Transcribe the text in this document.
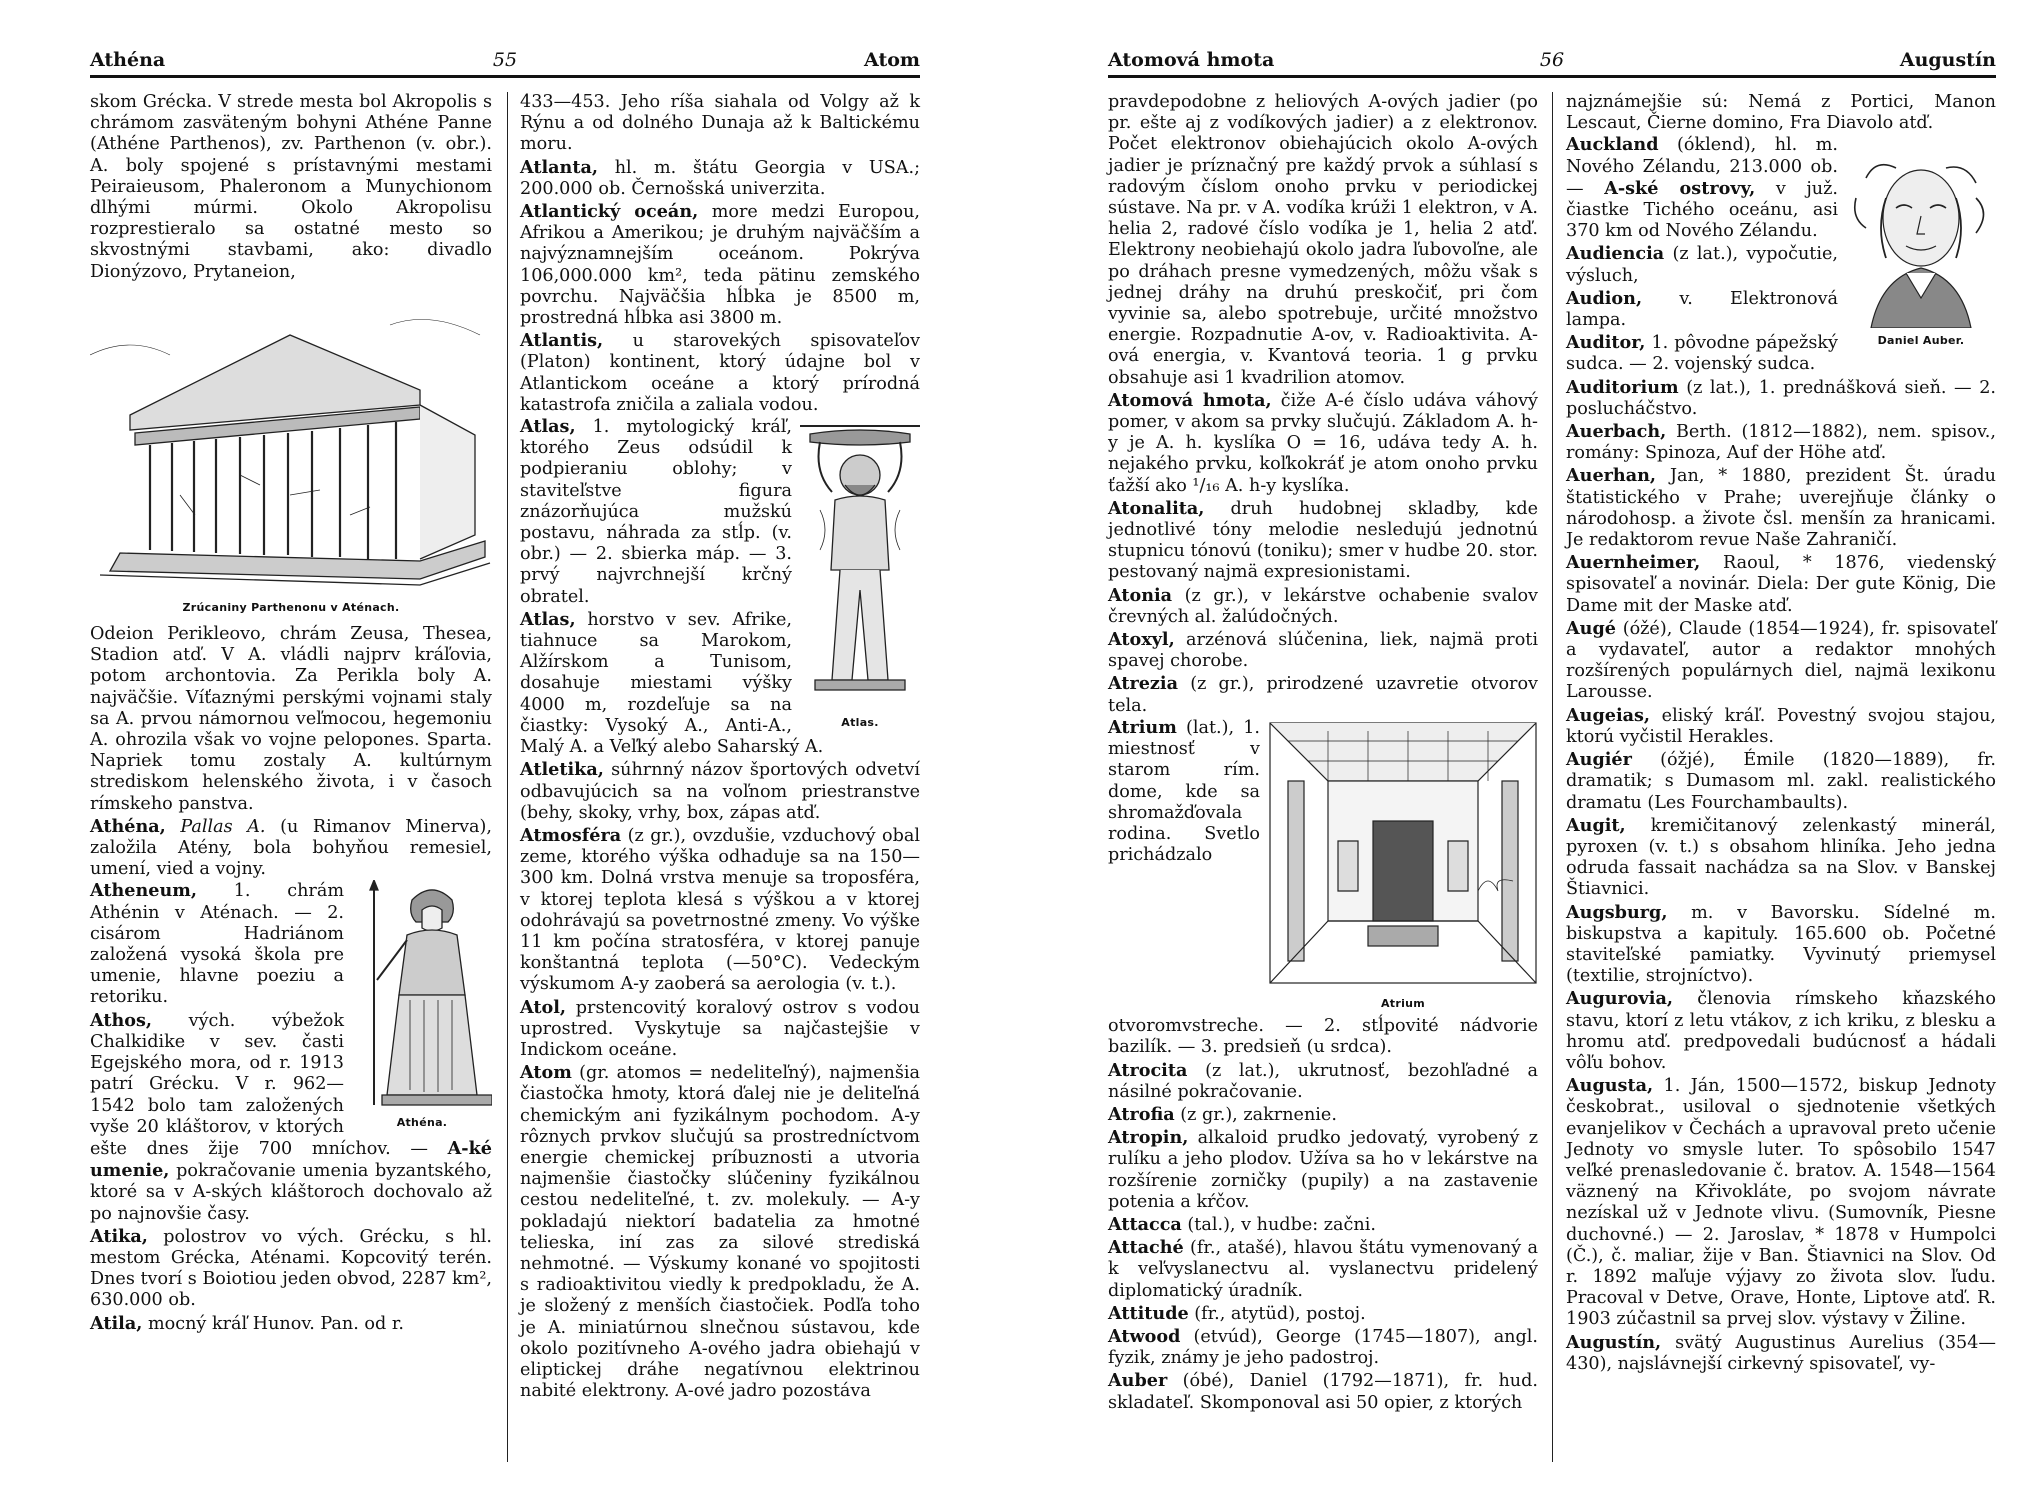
Athéna	55	Atom

skom Grécka. V strede mesta bol Akropolis s chrámom zasväteným bohyni Athéne Panne (Athéne Parthenos), zv. Parthenon (v. obr.). A. boly spojené s prístavnými mestami Peiraieusom, Phaleronom a Munychionom dlhými múrmi. Okolo Akropolisu rozprestieralo sa ostatné mesto so skvostnými stavbami, ako: divadlo Dionýzovo, Prytaneion,

Zrúcaniny Parthenonu v Aténach.

Odeion Perikleovo, chrám Zeusa, Thesea, Stadion atď. V A. vládli najprv kráľovia, potom archontovia. Za Perikla boly A. najväčšie. Víťaznými perskými vojnami staly sa A. prvou námornou veľmocou, hegemoniu A. ohrozila však vo vojne pelopones. Sparta. Napriek tomu zostaly A. kultúrnym strediskom helenského života, i v časoch rímskeho panstva.

Athéna, Pallas A. (u Rimanov Minerva), založila Atény, bola bohyňou remesiel, umení, vied a vojny.

Athéna.

Atheneum, 1. chrám Athénin v Aténach. — 2. cisárom Hadriánom založená vysoká škola pre umenie, hlavne poeziu a retoriku.

Athos, vých. výbežok Chalkidike v sev. časti Egejského mora, od r. 1913 patrí Grécku. V r. 962—1542 bolo tam založených vyše 20 kláštorov, v ktorých ešte dnes žije 700 mníchov. — A-ké umenie, pokračovanie umenia byzantského, ktoré sa v A-ských kláštoroch dochovalo až po najnovšie časy.

Atika, polostrov vo vých. Grécku, s hl. mestom Grécka, Aténami. Kopcovitý terén. Dnes tvorí s Boiotiou jeden obvod, 2287 km², 630.000 ob.

Atila, mocný kráľ Hunov. Pan. od r.

433—453. Jeho ríša siahala od Volgy až k Rýnu a od dolného Dunaja až k Baltickému moru.

Atlanta, hl. m. štátu Georgia v USA.; 200.000 ob. Černošská univerzita.

Atlantický oceán, more medzi Europou, Afrikou a Amerikou; je druhým najväčším a najvýznamnejším oceánom. Pokrýva 106,000.000 km², teda pätinu zemského povrchu. Najväčšia hĺbka je 8500 m, prostredná hĺbka asi 3800 m.

Atlantis, u starovekých spisovateľov (Platon) kontinent, ktorý údajne bol v Atlantickom oceáne a ktorý prírodná katastrofa zničila a zaliala vodou.

Atlas.

Atlas, 1. mytologický kráľ, ktorého Zeus odsúdil k podpieraniu oblohy; v staviteľstve figura znázorňujúca mužskú postavu, náhrada za stĺp. (v. obr.) — 2. sbierka máp. — 3. prvý najvrchnejší krčný obratel.

Atlas, horstvo v sev. Afrike, tiahnuce sa Marokom, Alžírskom a Tunisom, dosahuje miestami výšky 4000 m, rozdeľuje sa na čiastky: Vysoký A., Anti-A., Malý A. a Veľký alebo Saharský A.

Atletika, súhrnný názov športových odvetví odbavujúcich sa na voľnom priestranstve (behy, skoky, vrhy, box, zápas atď.

Atmosféra (z gr.), ovzdušie, vzduchový obal zeme, ktorého výška odhaduje sa na 150—300 km. Dolná vrstva menuje sa troposféra, v ktorej teplota klesá s výškou a v ktorej odohrávajú sa povetrnostné zmeny. Vo výške 11 km počína stratosféra, v ktorej panuje konštantná teplota (—50°C). Vedeckým výskumom A-y zaoberá sa aerologia (v. t.).

Atol, prstencovitý koralový ostrov s vodou uprostred. Vyskytuje sa najčastejšie v Indickom oceáne.

Atom (gr. atomos = nedeliteľný), najmenšia čiastočka hmoty, ktorá ďalej nie je deliteľná chemickým ani fyzikálnym pochodom. A-y rôznych prvkov slučujú sa prostredníctvom energie chemickej príbuznosti a utvoria najmenšie čiastočky slúčeniny fyzikálnou cestou nedeliteľné, t. zv. molekuly. — A-y pokladajú niektorí badatelia za hmotné telieska, iní zas za silové strediská nehmotné. — Výskumy konané vo spojitosti s radioaktivitou viedly k predpokladu, že A. je složený z menších čiastočiek. Podľa toho je A. miniatúrnou slnečnou sústavou, kde okolo pozitívneho A-ového jadra obiehajú v eliptickej dráhe negatívnou elektrinou nabité elektrony. A-ové jadro pozostáva

Atomová hmota	56	Augustín

pravdepodobne z heliových A-ových jadier (po pr. ešte aj z vodíkových jadier) a z elektronov. Počet elektronov obiehajúcich okolo A-ových jadier je príznačný pre každý prvok a súhlasí s radovým číslom onoho prvku v periodickej sústave. Na pr. v A. vodíka krúži 1 elektron, v A. helia 2, radové číslo vodíka je 1, helia 2 atď. Elektrony neobiehajú okolo jadra ľubovoľne, ale po dráhach presne vymedzených, môžu však s jednej dráhy na druhú preskočiť, pri čom vyvinie sa, alebo spotrebuje, určité množstvo energie. Rozpadnutie A-ov, v. Radioaktivita. A-ová energia, v. Kvantová teoria. 1 g prvku obsahuje asi 1 kvadrilion atomov.

Atomová hmota, čiže A-é číslo udáva váhový pomer, v akom sa prvky slučujú. Základom A. h-y je A. h. kyslíka O = 16, udáva tedy A. h. nejakého prvku, koľkokráť je atom onoho prvku ťažší ako ¹/₁₆ A. h-y kyslíka.

Atonalita, druh hudobnej skladby, kde jednotlivé tóny melodie nesledujú jednotnú stupnicu tónovú (toniku); smer v hudbe 20. stor. pestovaný najmä expresionistami.

Atonia (z gr.), v lekárstve ochabenie svalov črevných al. žalúdočných.

Atoxyl, arzénová slúčenina, liek, najmä proti spavej chorobe.

Atrezia (z gr.), prirodzené uzavretie otvorov tela.

Atrium

Atrium (lat.), 1. miestnosť v starom rím. dome, kde sa shromažďovala rodina. Svetlo prichádzalo otvoromvstreche. — 2. stĺpovité nádvorie bazilík. — 3. predsieň (u srdca).

Atrocita (z lat.), ukrutnosť, bezohľadné a násilné pokračovanie.

Atrofia (z gr.), zakrnenie.

Atropin, alkaloid prudko jedovatý, vyrobený z rulíku a jeho plodov. Užíva sa ho v lekárstve na rozšírenie zorničky (pupily) a na zastavenie potenia a kŕčov.

Attacca (tal.), v hudbe: začni.

Attaché (fr., atašé), hlavou štátu vymenovaný a k veľvyslanectvu al. vyslanectvu pridelený diplomatický úradník.

Attitude (fr., atytüd), postoj.

Atwood (etvúd), George (1745—1807), angl. fyzik, známy je jeho padostroj.

Auber (óbé), Daniel (1792—1871), fr. hud. skladateľ. Skomponoval asi 50 opier, z ktorých

najznámejšie sú: Nemá z Portici, Manon Lescaut, Čierne domino, Fra Diavolo atď.

Daniel Auber.

Auckland (óklend), hl. m. Nového Zélandu, 213.000 ob. — A-ské ostrovy, v juž. čiastke Tichého oceánu, asi 370 km od Nového Zélandu.

Audiencia (z lat.), vypočutie, výsluch,

Audion, v. Elektronová lampa.

Auditor, 1. pôvodne pápežský sudca. — 2. vojenský sudca.

Auditorium (z lat.), 1. prednášková sieň. — 2. poslucháčstvo.

Auerbach, Berth. (1812—1882), nem. spisov., romány: Spinoza, Auf der Höhe atď.

Auerhan, Jan, * 1880, prezident Št. úradu štatistického v Prahe; uverejňuje články o národohosp. a živote čsl. menšín za hranicami. Je redaktorom revue Naše Zahraničí.

Auernheimer, Raoul, * 1876, viedenský spisovateľ a novinár. Diela: Der gute König, Die Dame mit der Maske atď.

Augé (óžé), Claude (1854—1924), fr. spisovateľ a vydavateľ, autor a redaktor mnohých rozšírených populárnych diel, najmä lexikonu Larousse.

Augeias, eliský kráľ. Povestný svojou stajou, ktorú vyčistil Herakles.

Augiér (óžjé), Émile (1820—1889), fr. dramatik; s Dumasom ml. zakl. realistického dramatu (Les Fourchambaults).

Augit, kremičitanový zelenkastý minerál, pyroxen (v. t.) s obsahom hliníka. Jeho jedna odruda fassait nachádza sa na Slov. v Banskej Štiavnici.

Augsburg, m. v Bavorsku. Sídelné m. biskupstva a kapituly. 165.600 ob. Početné staviteľské pamiatky. Vyvinutý priemysel (textilie, strojníctvo).

Augurovia, členovia rímskeho kňazského stavu, ktorí z letu vtákov, z ich kriku, z blesku a hromu atď. predpovedali budúcnosť a hádali vôľu bohov.

Augusta, 1. Ján, 1500—1572, biskup Jednoty českobrat., usiloval o sjednotenie všetkých evanjelikov v Čechách a upravoval preto učenie Jednoty vo smysle luter. To spôsobilo 1547 veľké prenasledovanie č. bratov. A. 1548—1564 väznený na Křivokláte, po svojom návrate nezískal už v Jednote vlivu. (Sumovník, Piesne duchovné.) — 2. Jaroslav, * 1878 v Humpolci (Č.), č. maliar, žije v Ban. Štiavnici na Slov. Od r. 1892 maľuje výjavy zo života slov. ľudu. Pracoval v Detve, Orave, Honte, Liptove atď. R. 1903 zúčastnil sa prvej slov. výstavy v Žiline.

Augustín, svätý Augustinus Aurelius (354—430), najslávnejší cirkevný spisovateľ, vy-
